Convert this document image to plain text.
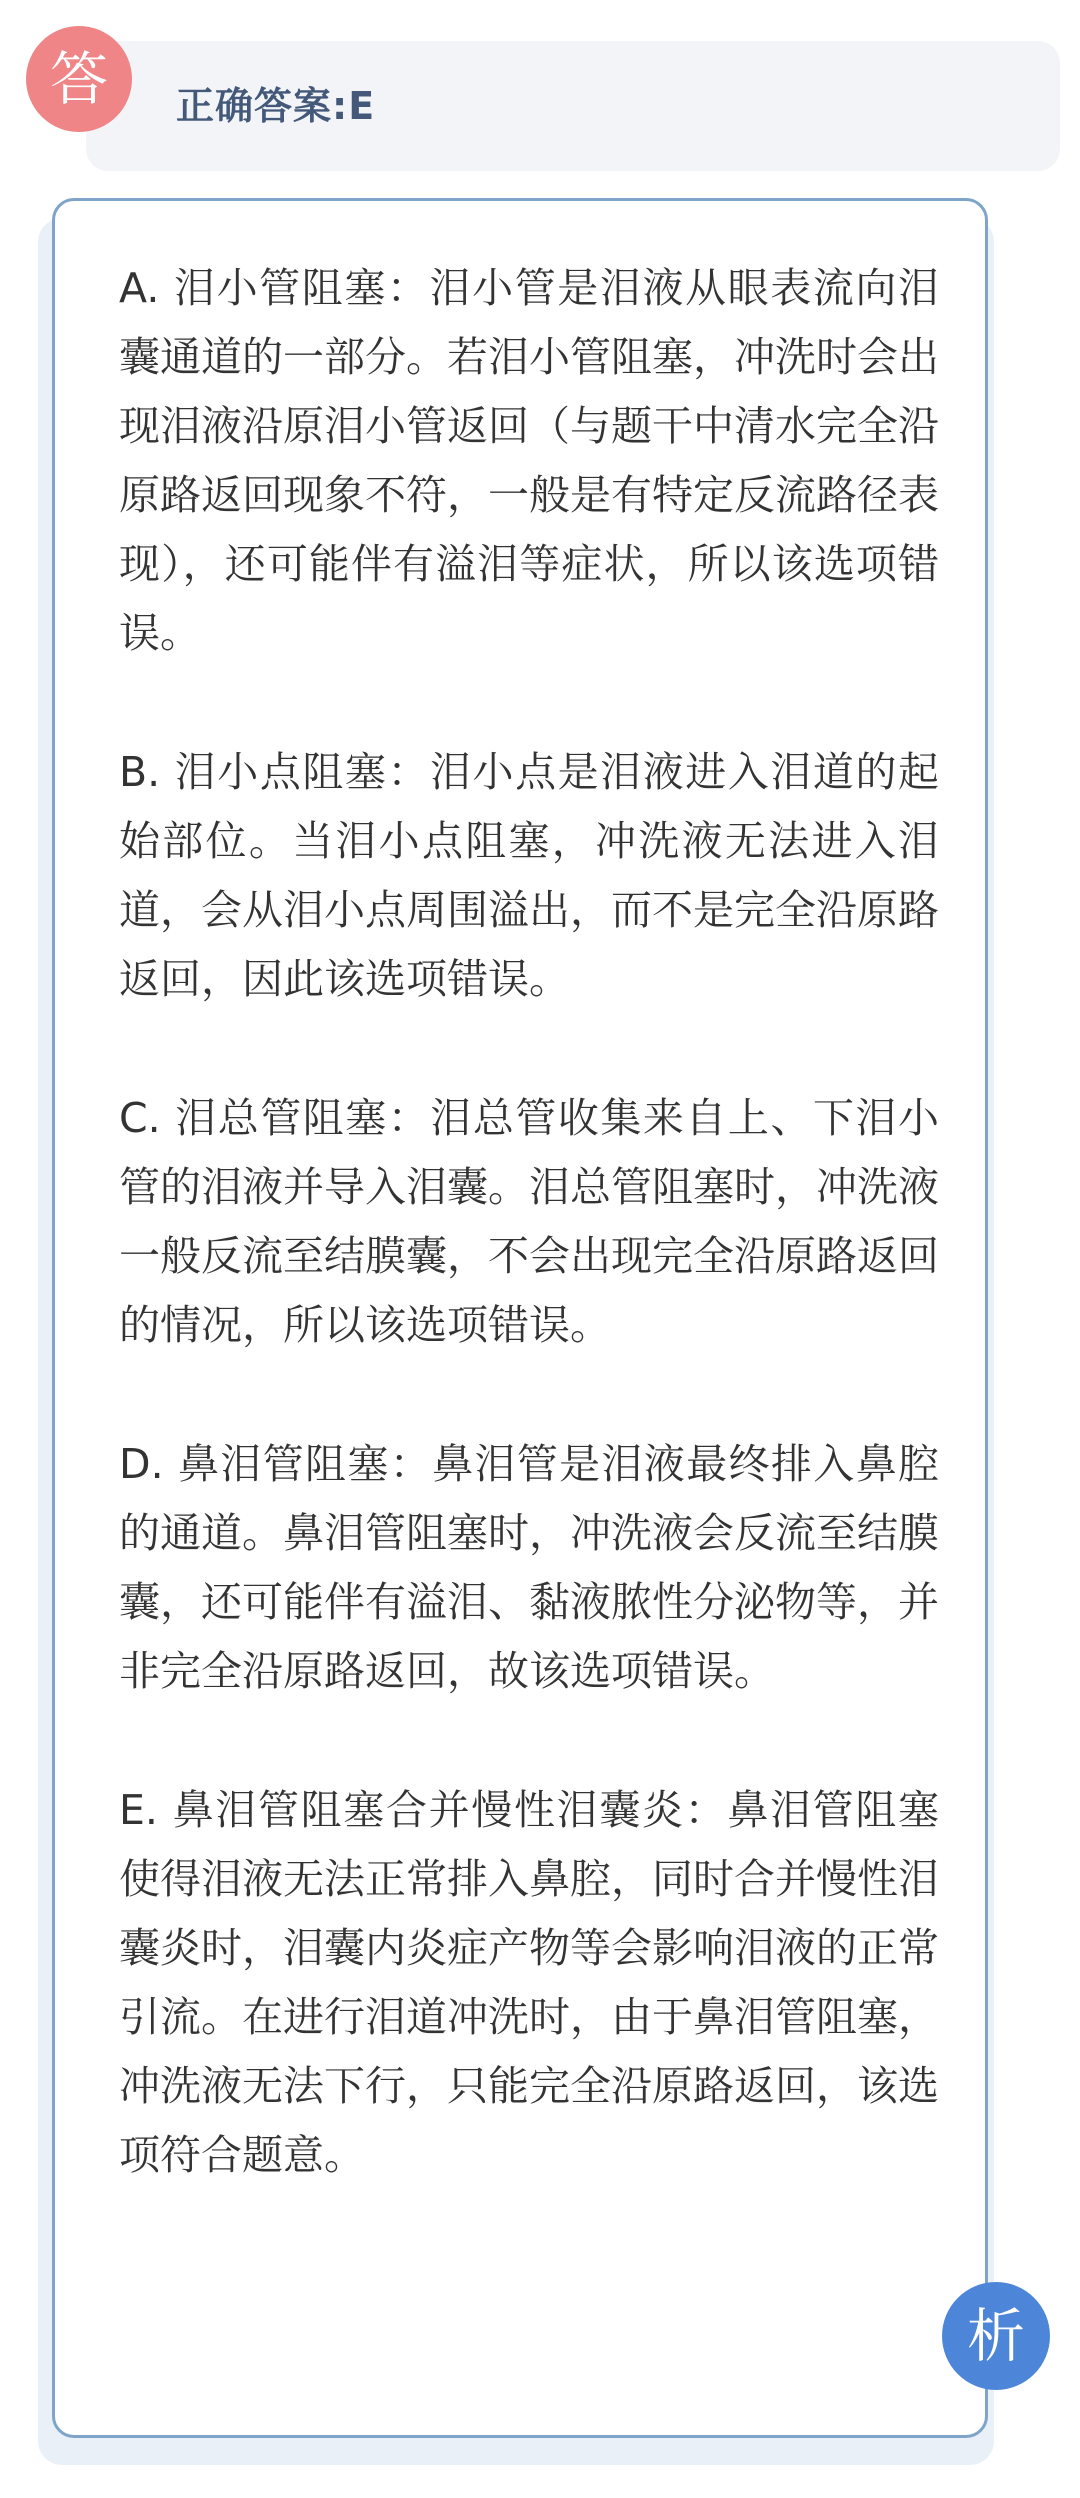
正确答案:E
答

A. 泪小管阻塞：泪小管是泪液从眼表流向泪囊通道的一部分。若泪小管阻塞，冲洗时会出现泪液沿原泪小管返回（与题干中清水完全沿原路返回现象不符，一般是有特定反流路径表现），还可能伴有溢泪等症状，所以该选项错误。

B. 泪小点阻塞：泪小点是泪液进入泪道的起始部位。当泪小点阻塞，冲洗液无法进入泪道，会从泪小点周围溢出，而不是完全沿原路返回，因此该选项错误。

C. 泪总管阻塞：泪总管收集来自上、下泪小管的泪液并导入泪囊。泪总管阻塞时，冲洗液一般反流至结膜囊，不会出现完全沿原路返回的情况，所以该选项错误。

D. 鼻泪管阻塞：鼻泪管是泪液最终排入鼻腔的通道。鼻泪管阻塞时，冲洗液会反流至结膜囊，还可能伴有溢泪、黏液脓性分泌物等，并非完全沿原路返回，故该选项错误。

E. 鼻泪管阻塞合并慢性泪囊炎：鼻泪管阻塞使得泪液无法正常排入鼻腔，同时合并慢性泪囊炎时，泪囊内炎症产物等会影响泪液的正常引流。在进行泪道冲洗时，由于鼻泪管阻塞，冲洗液无法下行，只能完全沿原路返回，该选项符合题意。

析
